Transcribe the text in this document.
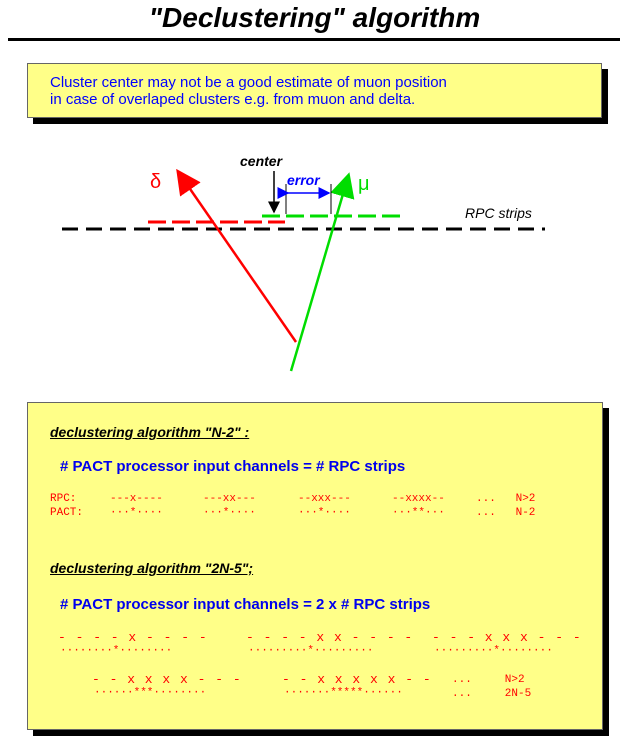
"Declustering" algorithm
Cluster center may not be a good estimate of muon position
in case of overlaped clusters e.g. from muon and delta.
δ	μ
center
error
RPC strips
declustering algorithm "N-2" :
# PACT processor input channels = # RPC strips
RPC:
PACT:
---x----
···*····
---xx---
···*····
--xxx---
···*····
--xxxx--
···**···
...   N>2
...   N-2
declustering algorithm "2N-5";
# PACT processor input channels = 2 x # RPC strips
- - - - x - - - -
········*········
- - - - x x - - - -
·········*·········
- - - x x x - - -
·········*········
- - x x x x - - -
······***········
- - x x x x x - -
·······*****······
...     N>2
...     2N-5
